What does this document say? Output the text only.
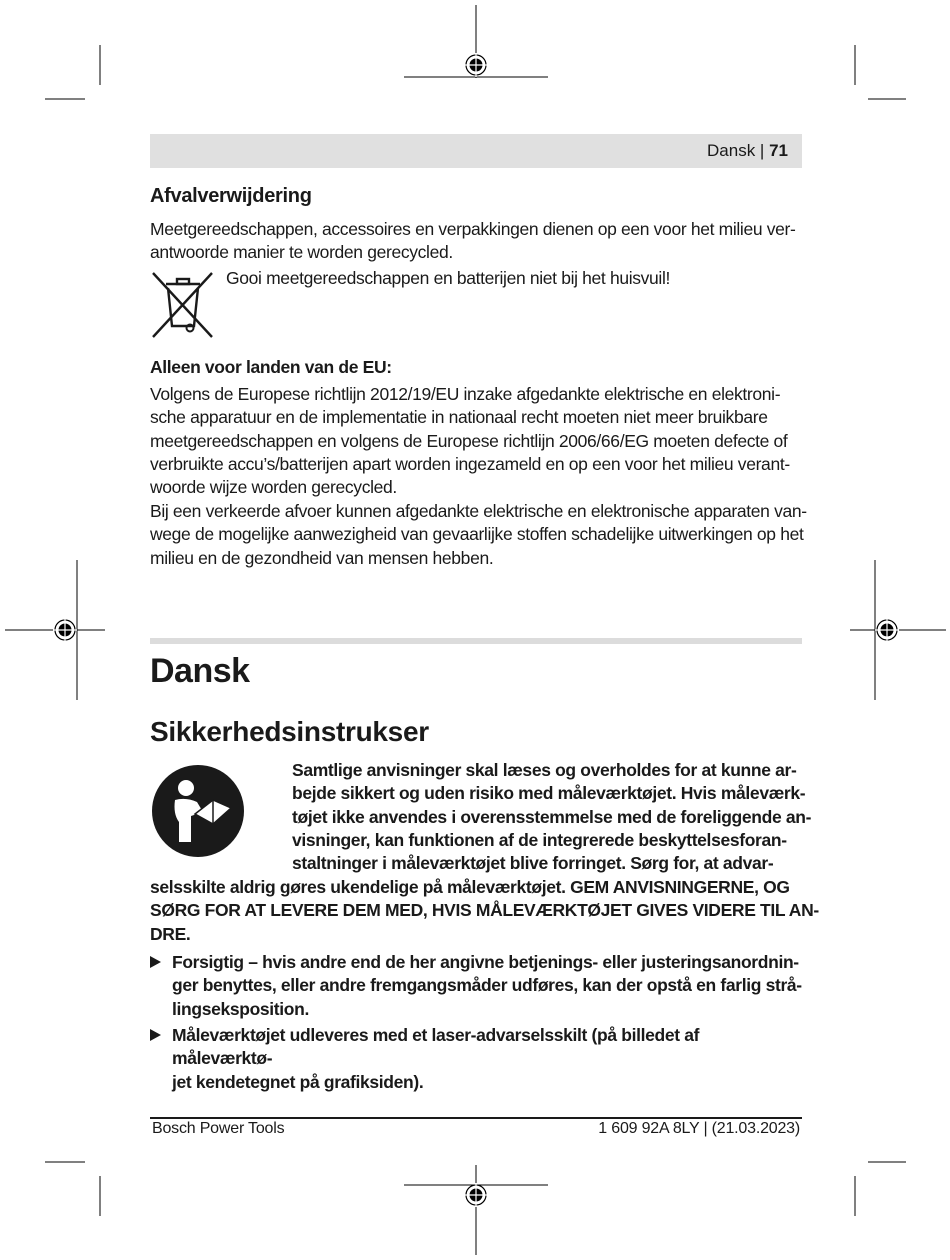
Dansk | 71
Afvalverwijdering
Meetgereedschappen, accessoires en verpakkingen dienen op een voor het milieu ver-
antwoorde manier te worden gerecycled.
Gooi meetgereedschappen en batterijen niet bij het huisvuil!
Alleen voor landen van de EU:
Volgens de Europese richtlijn 2012/19/EU inzake afgedankte elektrische en elektroni-
sche apparatuur en de implementatie in nationaal recht moeten niet meer bruikbare
meetgereedschappen en volgens de Europese richtlijn 2006/66/EG moeten defecte of
verbruikte accu’s/batterijen apart worden ingezameld en op een voor het milieu verant-
woorde wijze worden gerecycled.
Bij een verkeerde afvoer kunnen afgedankte elektrische en elektronische apparaten van-
wege de mogelijke aanwezigheid van gevaarlijke stoffen schadelijke uitwerkingen op het
milieu en de gezondheid van mensen hebben.
Dansk
Sikkerhedsinstrukser
Samtlige anvisninger skal læses og overholdes for at kunne ar-
bejde sikkert og uden risiko med måleværktøjet. Hvis måleværk-
tøjet ikke anvendes i overensstemmelse med de foreliggende an-
visninger, kan funktionen af de integrerede beskyttelsesforan-
staltninger i måleværktøjet blive forringet. Sørg for, at advar-
selsskilte aldrig gøres ukendelige på måleværktøjet. GEM ANVISNINGERNE, OG
SØRG FOR AT LEVERE DEM MED, HVIS MÅLEVÆRKTØJET GIVES VIDERE TIL AN-
DRE.
Forsigtig – hvis andre end de her angivne betjenings- eller justeringsanordnin-
ger benyttes, eller andre fremgangsmåder udføres, kan der opstå en farlig strå-
lingseksposition.
Måleværktøjet udleveres med et laser-advarselsskilt (på billedet af måleværktø-
jet kendetegnet på grafiksiden).
Bosch Power Tools	1 609 92A 8LY | (21.03.2023)
